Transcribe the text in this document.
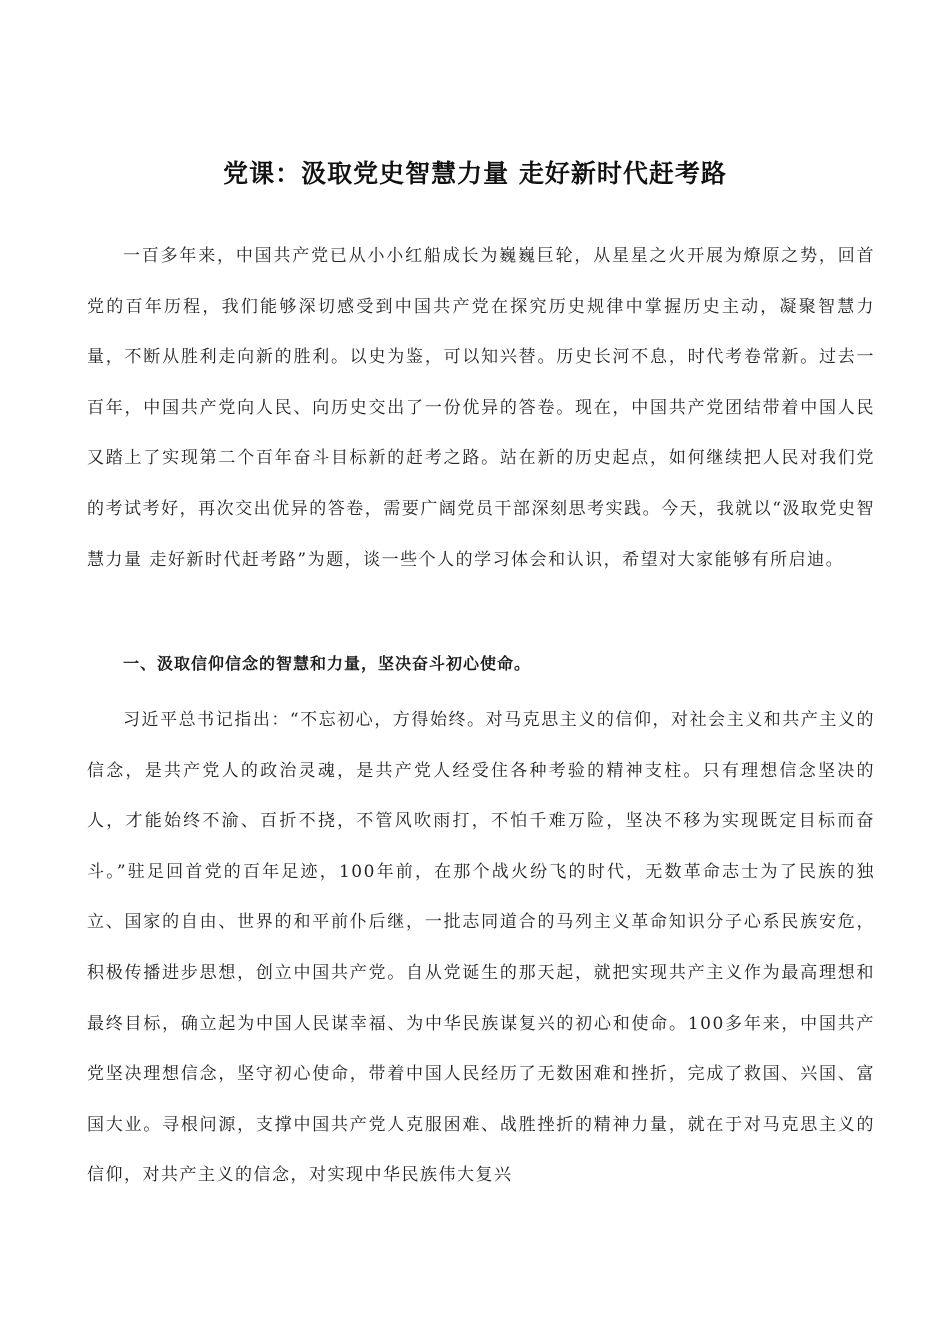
党课：汲取党史智慧力量 走好新时代赶考路

一百多年来，中国共产党已从小小红船成长为巍巍巨轮，从星星之火开展为燎原之势，回首党的百年历程，我们能够深切感受到中国共产党在探究历史规律中掌握历史主动，凝聚智慧力量，不断从胜利走向新的胜利。以史为鉴，可以知兴替。历史长河不息，时代考卷常新。过去一百年，中国共产党向人民、向历史交出了一份优异的答卷。现在，中国共产党团结带着中国人民又踏上了实现第二个百年奋斗目标新的赶考之路。站在新的历史起点，如何继续把人民对我们党的考试考好，再次交出优异的答卷，需要广阔党员干部深刻思考实践。今天，我就以“汲取党史智慧力量 走好新时代赶考路”为题，谈一些个人的学习体会和认识，希望对大家能够有所启迪。

一、汲取信仰信念的智慧和力量，坚决奋斗初心使命。

习近平总书记指出：“不忘初心，方得始终。对马克思主义的信仰，对社会主义和共产主义的信念，是共产党人的政治灵魂，是共产党人经受住各种考验的精神支柱。只有理想信念坚决的人，才能始终不渝、百折不挠，不管风吹雨打，不怕千难万险，坚决不移为实现既定目标而奋斗。”驻足回首党的百年足迹，100年前，在那个战火纷飞的时代，无数革命志士为了民族的独立、国家的自由、世界的和平前仆后继，一批志同道合的马列主义革命知识分子心系民族安危，积极传播进步思想，创立中国共产党。自从党诞生的那天起，就把实现共产主义作为最高理想和最终目标，确立起为中国人民谋幸福、为中华民族谋复兴的初心和使命。100多年来，中国共产党坚决理想信念，坚守初心使命，带着中国人民经历了无数困难和挫折，完成了救国、兴国、富国大业。寻根问源，支撑中国共产党人克服困难、战胜挫折的精神力量，就在于对马克思主义的信仰，对共产主义的信念，对实现中华民族伟大复兴
